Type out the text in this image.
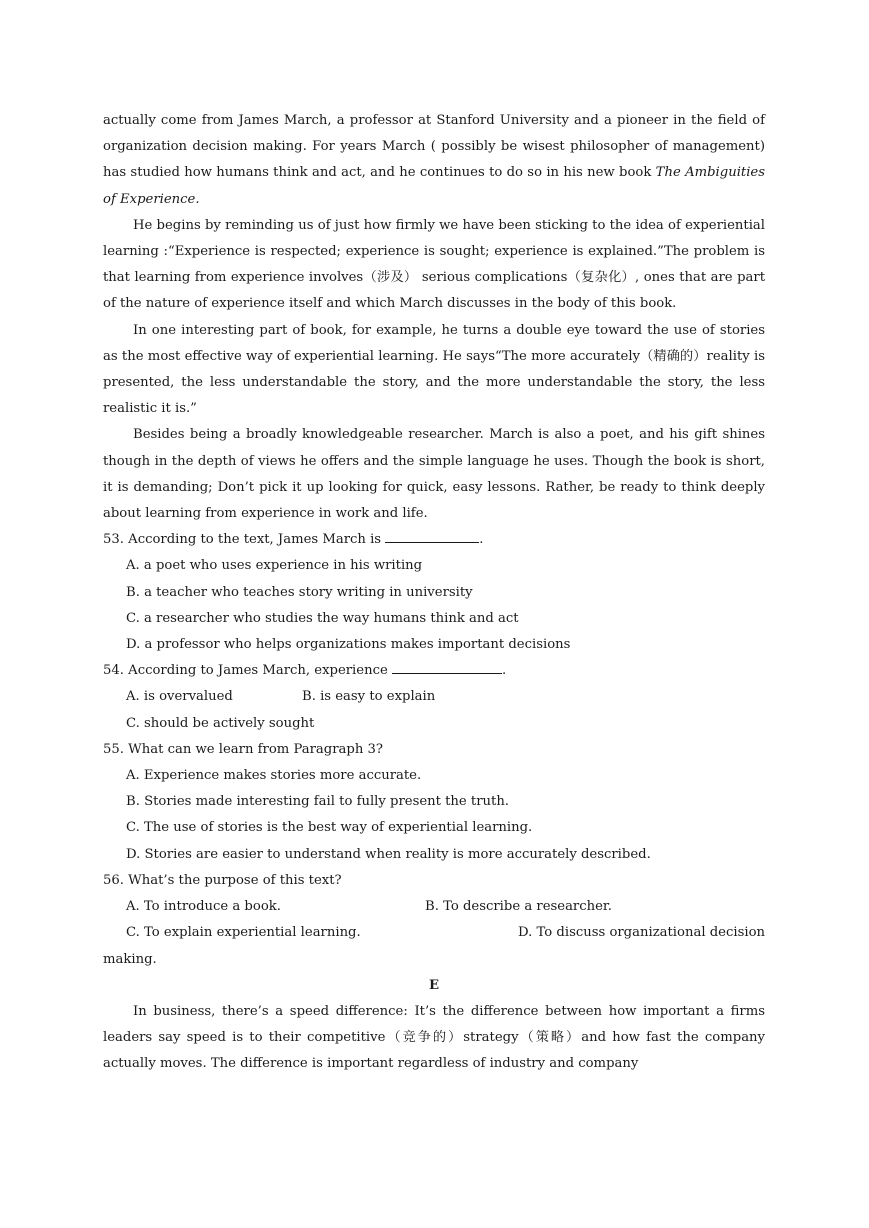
actually come from James March, a professor at Stanford University and a pioneer in the field of organization decision making. For years March ( possibly be wisest philosopher of management) has studied how humans think and act, and he continues to do so in his new book The Ambiguities of Experience.

He begins by reminding us of just how firmly we have been sticking to the idea of experiential learning :“Experience is respected; experience is sought; experience is explained.”The problem is that learning from experience involves（涉及） serious complications（复杂化）, ones that are part of the nature of experience itself and which March discusses in the body of this book.

In one interesting part of book, for example, he turns a double eye toward the use of stories as the most effective way of experiential learning. He says“The more accurately（精确的）reality is presented, the less understandable the story, and the more understandable the story, the less realistic it is.”

Besides being a broadly knowledgeable researcher. March is also a poet, and his gift shines though in the depth of views he offers and the simple language he uses. Though the book is short, it is demanding; Don’t pick it up looking for quick, easy lessons. Rather, be ready to think deeply about learning from experience in work and life.

53. According to the text, James March is	.

A. a poet who uses experience in his writing

B. a teacher who teaches story writing in university

C. a researcher who studies the way humans think and act

D. a professor who helps organizations makes important decisions

54. According to James March, experience	.

A. is overvalued	B. is easy to explain

C. should be actively sought

55. What can we learn from Paragraph 3?

A. Experience makes stories more accurate.

B. Stories made interesting fail to fully present the truth.

C. The use of stories is the best way of experiential learning.

D. Stories are easier to understand when reality is more accurately described.

56. What’s the purpose of this text?

A. To introduce a book.	B. To describe a researcher.
C. To explain experiential learning.	D. To discuss organizational decision

making.

E

In business, there’s a speed difference: It’s the difference between how important a firms leaders say speed is to their competitive（竞争的）strategy（策略）and how fast the company actually moves. The difference is important regardless of industry and company
